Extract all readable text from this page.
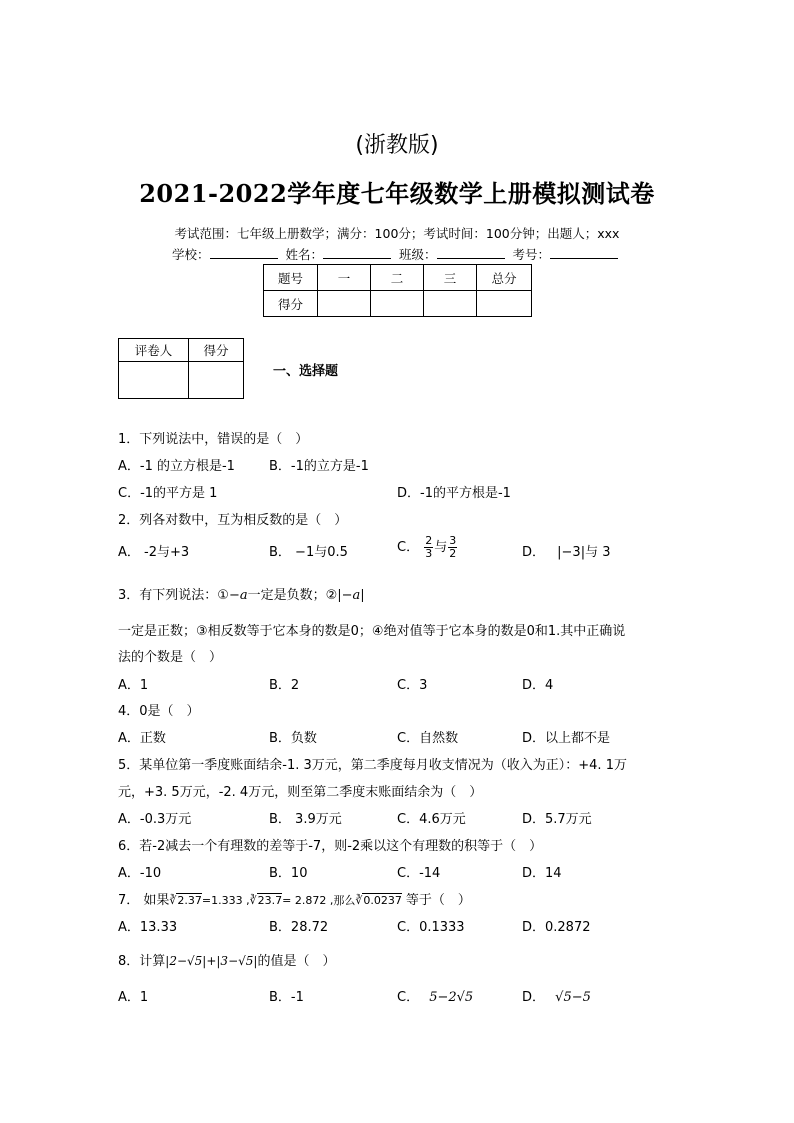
(浙教版)
2021-2022学年度七年级数学上册模拟测试卷
考试范围：七年级上册数学；满分：100分；考试时间：100分钟；出题人；xxx
学校：	姓名：	班级：	考号：
题号	一	二	三	总分
得分				
评卷人	得分

一、选择题
1．下列说法中，错误的是（　）
A．-1 的立方根是-1	B．-1的立方是-1
C．-1的平方是 1	D．-1的平方根是-1
2．列各对数中，互为相反数的是（　）
A． -2与+3	B． −1与0.5	C． $\frac{2}{3}$ 与 $\frac{3}{2}$	D． |−3|与 3
3．有下列说法：①−a一定是负数；②|−a|
一定是正数；③相反数等于它本身的数是0；④绝对值等于它本身的数是0和1.其中正确说
法的个数是（　）
A．1	B．2	C．3	D．4
4．0是（　）
A．正数	B．负数	C．自然数	D．以上都不是
5．某单位第一季度账面结余-1. 3万元，第二季度每月收支情况为（收入为正）：+4. 1万
元，+3. 5万元，-2. 4万元，则至第二季度末账面结余为（　）
A．-0.3万元	B． 3.9万元	C．4.6万元	D．5.7万元
6．若-2减去一个有理数的差等于-7，则-2乘以这个有理数的积等于（　）
A．-10	B．10	C．-14	D．14
7． 如果∛2.37=1.333 ,∛23.7= 2.872 ,那么∛0.0237 等于（　）
A．13.33	B．28.72	C．0.1333	D．0.2872
8．计算|2−√5|+|3−√5|的值是（　）
A．1	B．-1	C． 5−2√5	D． √5−5
